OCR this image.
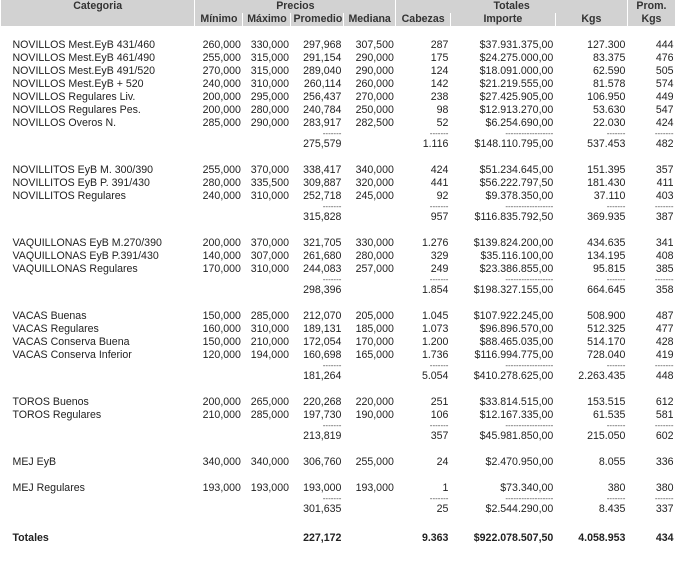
Categoria	Precios				Totales			Prom.
	Mínimo	Máximo	Promedio	Mediana	Cabezas	Importe	Kgs	Kgs

NOVILLOS Mest.EyB 431/460	260,000	330,000	297,968	307,500	287	$37.931.375,00	127.300	444
NOVILLOS Mest.EyB 461/490	255,000	315,000	291,154	290,000	175	$24.275.000,00	83.375	476
NOVILLOS Mest.EyB 491/520	270,000	315,000	289,040	290,000	124	$18.091.000,00	62.590	505
NOVILLOS Mest.EyB + 520	240,000	310,000	260,114	260,000	142	$21.219.555,00	81.578	574
NOVILLOS Regulares Liv.	200,000	295,000	256,437	270,000	238	$27.425.905,00	106.950	449
NOVILLOS Regulares Pes.	200,000	280,000	240,784	250,000	98	$12.913.270,00	53.630	547
NOVILLOS Overos N.	285,000	290,000	283,917	282,500	52	$6.254.690,00	22.030	424
			-------		-------	------------------	-------	-------
			275,579		1.116	$148.110.795,00	537.453	482

NOVILLITOS EyB M. 300/390	255,000	370,000	338,417	340,000	424	$51.234.645,00	151.395	357
NOVILLITOS EyB P. 391/430	280,000	335,500	309,887	320,000	441	$56.222.797,50	181.430	411
NOVILLITOS Regulares	240,000	310,000	252,718	245,000	92	$9.378.350,00	37.110	403
			-------		-------	------------------	-------	-------
			315,828		957	$116.835.792,50	369.935	387

VAQUILLONAS EyB M.270/390	200,000	370,000	321,705	330,000	1.276	$139.824.200,00	434.635	341
VAQUILLONAS EyB P.391/430	140,000	307,000	261,680	280,000	329	$35.116.100,00	134.195	408
VAQUILLONAS Regulares	170,000	310,000	244,083	257,000	249	$23.386.855,00	95.815	385
			-------		-------	------------------	-------	-------
			298,396		1.854	$198.327.155,00	664.645	358

VACAS Buenas	150,000	285,000	212,070	205,000	1.045	$107.922.245,00	508.900	487
VACAS Regulares	160,000	310,000	189,131	185,000	1.073	$96.896.570,00	512.325	477
VACAS Conserva Buena	150,000	210,000	172,054	170,000	1.200	$88.465.035,00	514.170	428
VACAS Conserva Inferior	120,000	194,000	160,698	165,000	1.736	$116.994.775,00	728.040	419
			-------		-------	------------------	-------	-------
			181,264		5.054	$410.278.625,00	2.263.435	448

TOROS Buenos	200,000	265,000	220,268	220,000	251	$33.814.515,00	153.515	612
TOROS Regulares	210,000	285,000	197,730	190,000	106	$12.167.335,00	61.535	581
			-------		-------	------------------	-------	-------
			213,819		357	$45.981.850,00	215.050	602

MEJ EyB	340,000	340,000	306,760	255,000	24	$2.470.950,00	8.055	336

MEJ Regulares	193,000	193,000	193,000	193,000	1	$73.340,00	380	380
			-------		-------	------------------	-------	-------
			301,635		25	$2.544.290,00	8.435	337

Totales			227,172		9.363	$922.078.507,50	4.058.953	434
